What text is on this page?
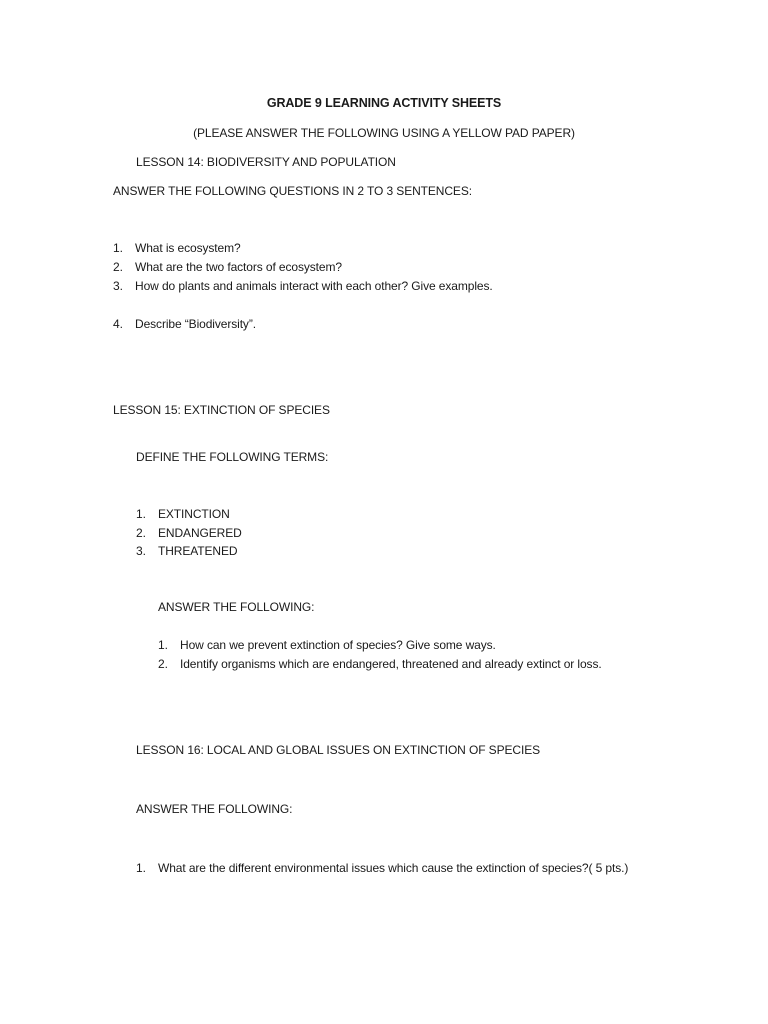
GRADE 9 LEARNING ACTIVITY SHEETS
(PLEASE ANSWER THE FOLLOWING USING A YELLOW PAD PAPER)
LESSON 14: BIODIVERSITY AND POPULATION
ANSWER THE FOLLOWING QUESTIONS IN 2 TO 3 SENTENCES:
1. What is ecosystem?
2. What are the two factors of ecosystem?
3. How do plants and animals interact with each other? Give examples.
4. Describe “Biodiversity”.
LESSON 15: EXTINCTION OF SPECIES
DEFINE THE FOLLOWING TERMS:
1. EXTINCTION
2. ENDANGERED
3. THREATENED
ANSWER THE FOLLOWING:
1. How can we prevent extinction of species? Give some ways.
2. Identify organisms which are endangered, threatened and already extinct or loss.
LESSON 16: LOCAL AND GLOBAL ISSUES ON EXTINCTION OF SPECIES
ANSWER THE FOLLOWING:
1. What are the different environmental issues which cause the extinction of species?( 5 pts.)
